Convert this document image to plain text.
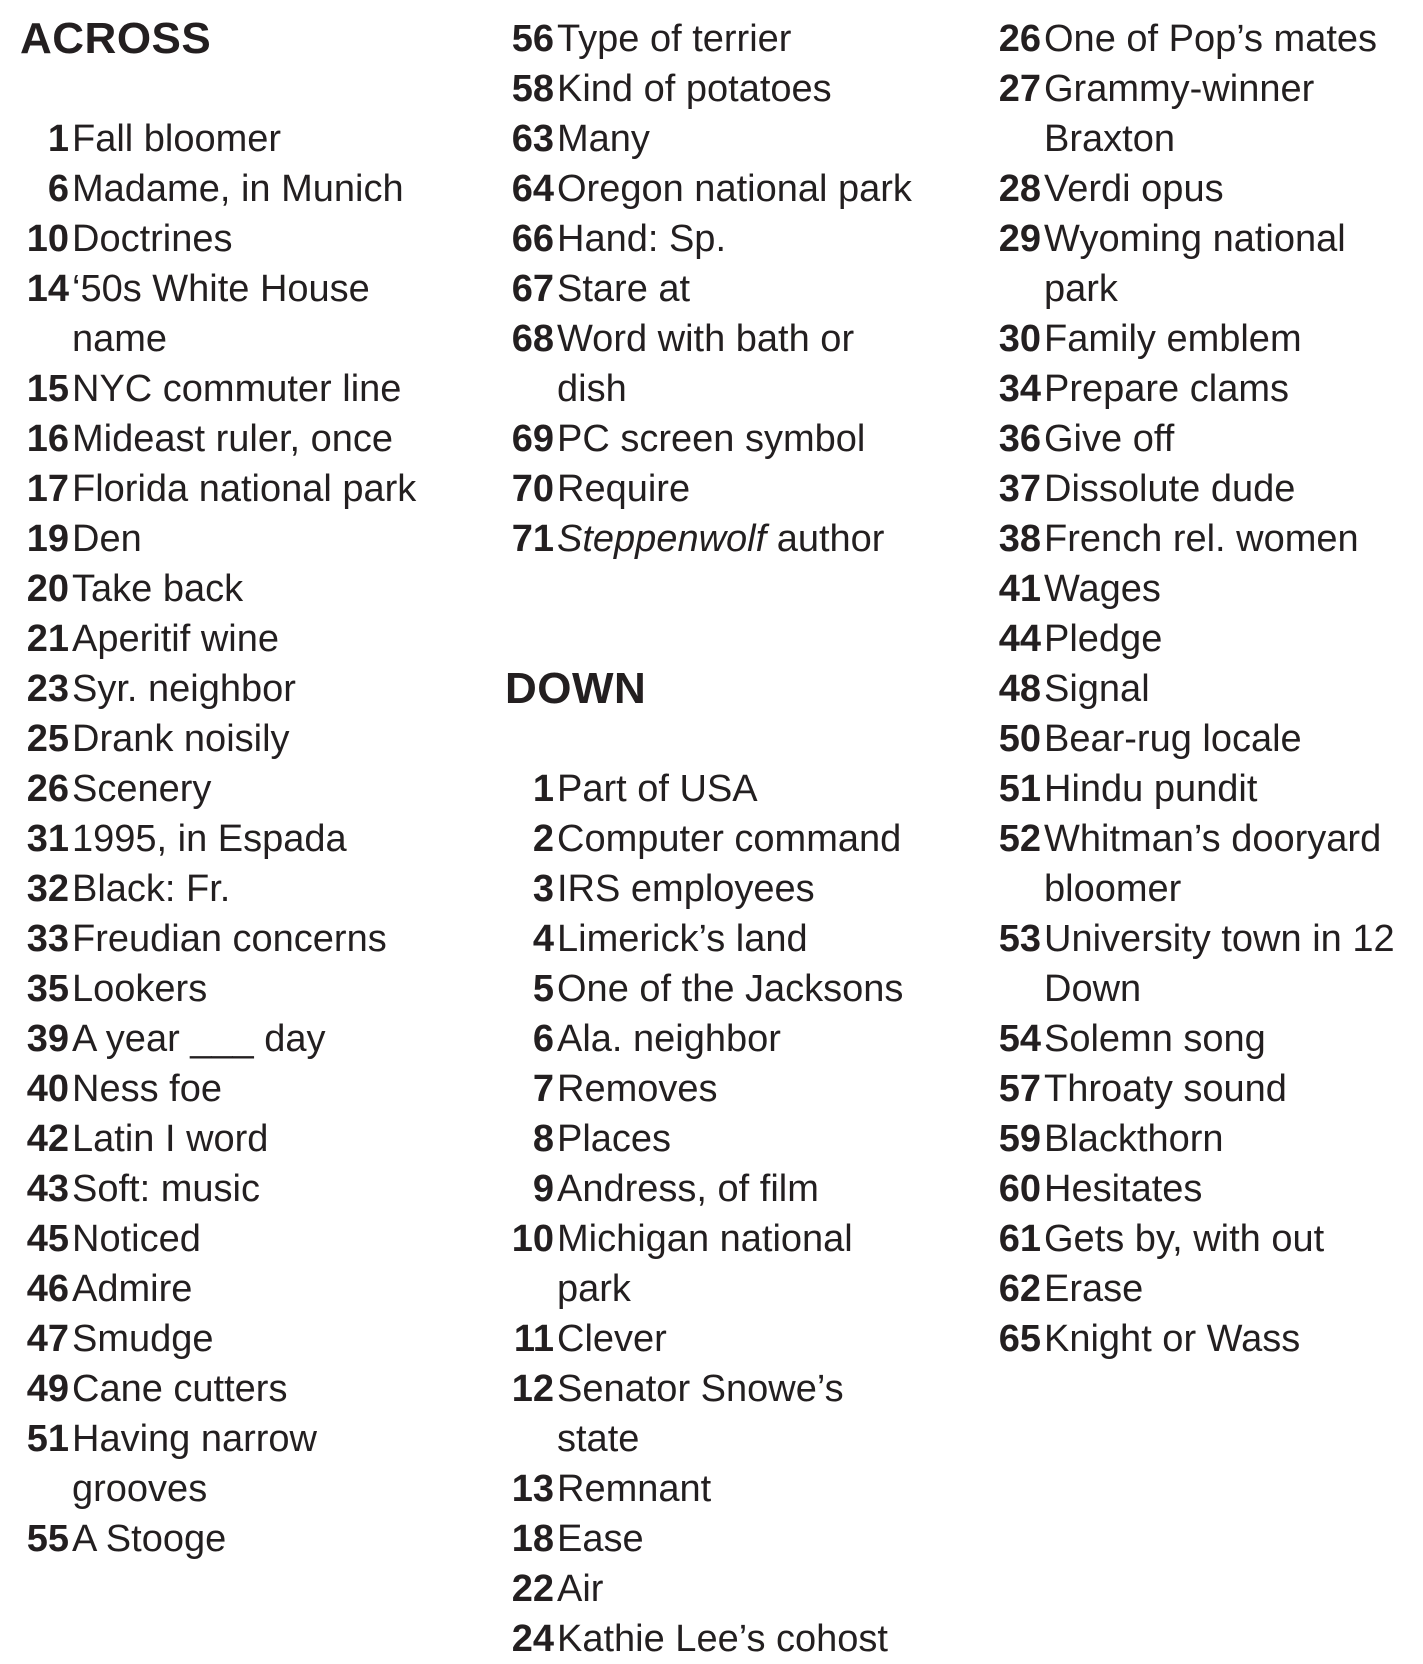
ACROSS
1 Fall bloomer
6 Madame, in Munich
10 Doctrines
14 ‘50s White House
name
15 NYC commuter line
16 Mideast ruler, once
17 Florida national park
19 Den
20 Take back
21 Aperitif wine
23 Syr. neighbor
25 Drank noisily
26 Scenery
31 1995, in Espada
32 Black: Fr.
33 Freudian concerns
35 Lookers
39 A year ___ day
40 Ness foe
42 Latin I word
43 Soft: music
45 Noticed
46 Admire
47 Smudge
49 Cane cutters
51 Having narrow
grooves
55 A Stooge
56 Type of terrier
58 Kind of potatoes
63 Many
64 Oregon national park
66 Hand: Sp.
67 Stare at
68 Word with bath or
dish
69 PC screen symbol
70 Require
71 Steppenwolf author
DOWN
1 Part of USA
2 Computer command
3 IRS employees
4 Limerick’s land
5 One of the Jacksons
6 Ala. neighbor
7 Removes
8 Places
9 Andress, of film
10 Michigan national
park
11 Clever
12 Senator Snowe’s
state
13 Remnant
18 Ease
22 Air
24 Kathie Lee’s cohost
26 One of Pop’s mates
27 Grammy-winner
Braxton
28 Verdi opus
29 Wyoming national
park
30 Family emblem
34 Prepare clams
36 Give off
37 Dissolute dude
38 French rel. women
41 Wages
44 Pledge
48 Signal
50 Bear-rug locale
51 Hindu pundit
52 Whitman’s dooryard
bloomer
53 University town in 12
Down
54 Solemn song
57 Throaty sound
59 Blackthorn
60 Hesitates
61 Gets by, with out
62 Erase
65 Knight or Wass
